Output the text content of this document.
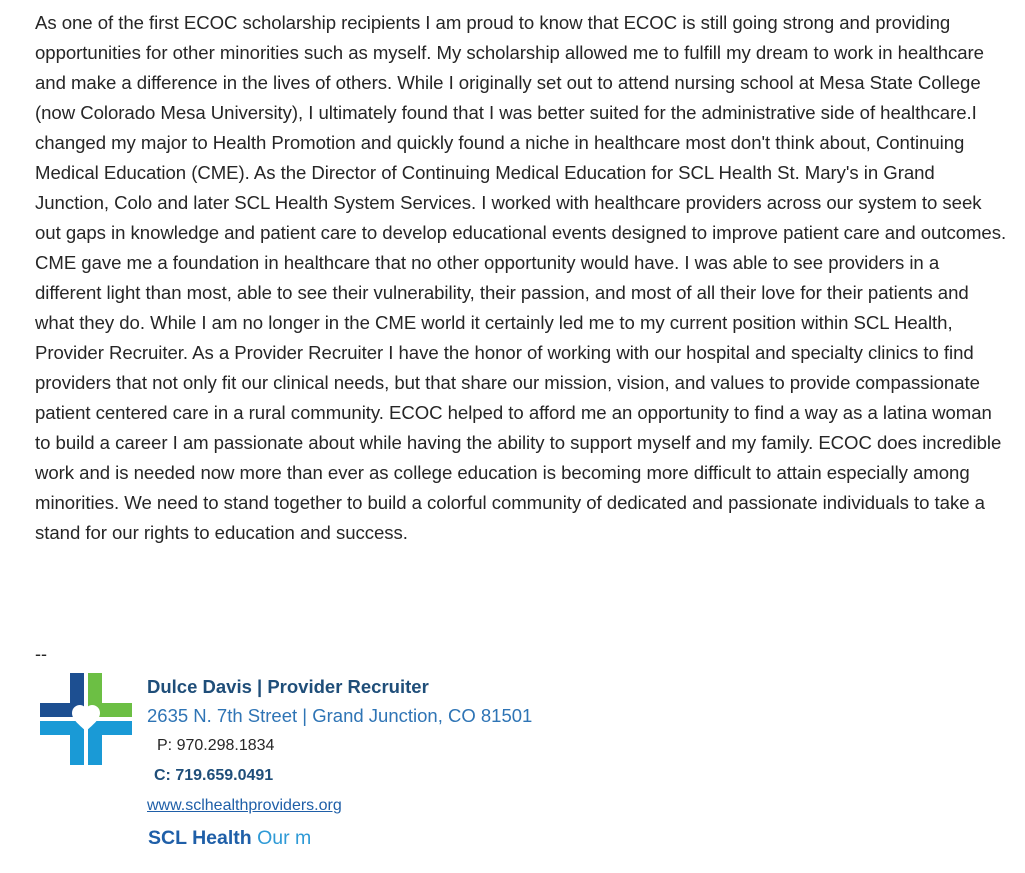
As one of the first ECOC scholarship recipients I am proud to know that ECOC is still going strong and providing opportunities for other minorities such as myself. My scholarship allowed me to fulfill my dream to work in healthcare and make a difference in the lives of others. While I originally set out to attend nursing school at Mesa State College (now Colorado Mesa University), I ultimately found that I was better suited for the administrative side of healthcare.I changed my major to Health Promotion and quickly found a niche in healthcare most don't think about, Continuing Medical Education (CME). As the Director of Continuing Medical Education for SCL Health St. Mary's in Grand Junction, Colo and later SCL Health System Services. I worked with healthcare providers across our system to seek out gaps in knowledge and patient care to develop educational events designed to improve patient care and outcomes. CME gave me a foundation in healthcare that no other opportunity would have. I was able to see providers in a different light than most, able to see their vulnerability, their passion, and most of all their love for their patients and what they do. While I am no longer in the CME world it certainly led me to my current position within SCL Health, Provider Recruiter. As a Provider Recruiter I have the honor of working with our hospital and specialty clinics to find providers that not only fit our clinical needs, but that share our mission, vision, and values to provide compassionate patient centered care in a rural community. ECOC helped to afford me an opportunity to find a way as a latina woman to build a career I am passionate about while having the ability to support myself and my family. ECOC does incredible work and is needed now more than ever as college education is becoming more difficult to attain especially among minorities. We need to stand together to build a colorful community of dedicated and passionate individuals to take a stand for our rights to education and success.

--
Dulce Davis | Provider Recruiter
2635 N. 7th Street | Grand Junction, CO 81501
P: 970.298.1834
C: 719.659.0491
www.sclhealthproviders.org
SCL Health Our m
